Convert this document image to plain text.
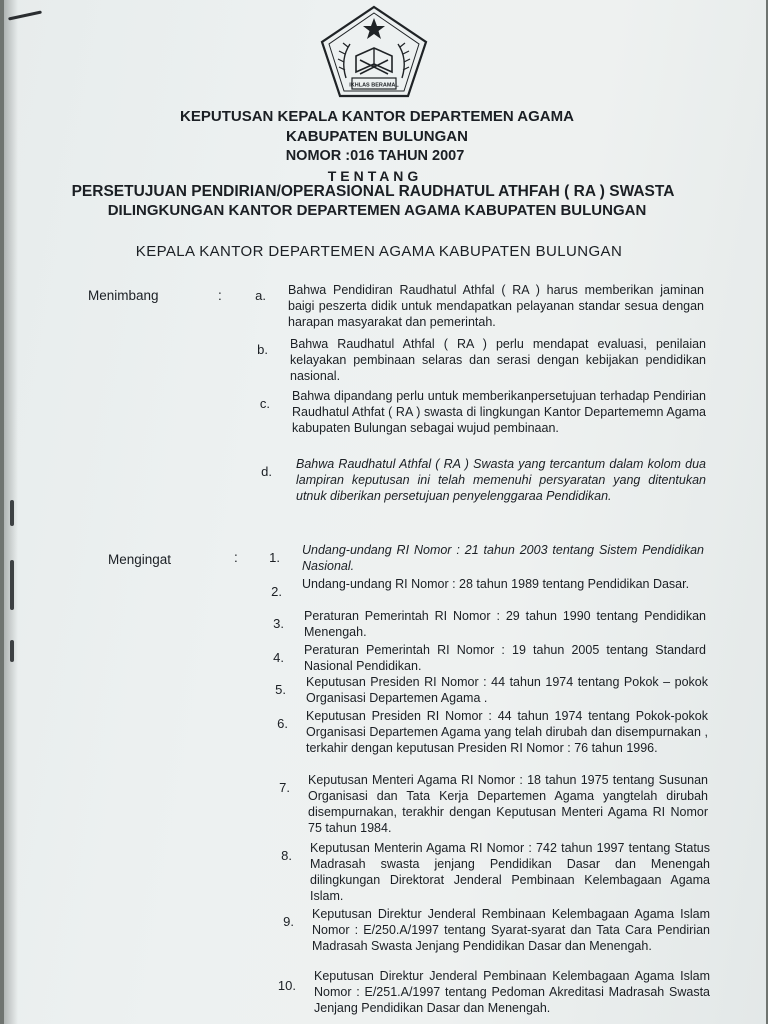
IKHLAS BERAMAL
KEPUTUSAN KEPALA KANTOR DEPARTEMEN AGAMA
KABUPATEN BULUNGAN
NOMOR :016 TAHUN 2007
TENTANG
PERSETUJUAN PENDIRIAN/OPERASIONAL RAUDHATUL ATHFAH ( RA ) SWASTA
DILINGKUNGAN KANTOR DEPARTEMEN AGAMA KABUPATEN BULUNGAN
KEPALA KANTOR DEPARTEMEN AGAMA KABUPATEN BULUNGAN
Menimbang	:	a. Bahwa Pendidiran Raudhatul Athfal ( RA ) harus memberikan jaminan baigi peszerta didik untuk mendapatkan pelayanan standar sesua dengan harapan masyarakat dan pemerintah.
b. Bahwa Raudhatul Athfal ( RA ) perlu mendapat evaluasi, penilaian kelayakan pembinaan selaras dan serasi dengan kebijakan pendidikan nasional.
c. Bahwa dipandang perlu untuk memberikanpersetujuan terhadap Pendirian Raudhatul Athfat ( RA ) swasta di lingkungan Kantor Departememn Agama kabupaten Bulungan sebagai wujud pembinaan.
d. Bahwa Raudhatul Athfal ( RA ) Swasta yang tercantum dalam kolom dua lampiran keputusan ini telah memenuhi persyaratan yang ditentukan utnuk diberikan persetujuan penyelenggaraa Pendidikan.
Mengingat	:	1. Undang-undang RI Nomor : 21 tahun 2003 tentang Sistem Pendidikan Nasional.
2. Undang-undang RI Nomor : 28 tahun 1989 tentang Pendidikan Dasar.
3. Peraturan Pemerintah RI Nomor : 29 tahun 1990 tentang Pendidikan Menengah.
4. Peraturan Pemerintah RI Nomor : 19 tahun 2005 tentang Standard Nasional Pendidikan.
5. Keputusan Presiden RI Nomor : 44 tahun 1974 tentang Pokok – pokok Organisasi Departemen Agama .
6. Keputusan Presiden RI Nomor : 44 tahun 1974 tentang Pokok-pokok Organisasi Departemen Agama yang telah dirubah dan disempurnakan , terkahir dengan keputusan Presiden RI Nomor : 76 tahun 1996.
7. Keputusan Menteri Agama RI Nomor : 18 tahun 1975 tentang Susunan Organisasi dan Tata Kerja Departemen Agama yangtelah dirubah disempurnakan, terakhir dengan Keputusan Menteri Agama RI Nomor 75 tahun 1984.
8. Keputusan Menterin Agama RI Nomor : 742 tahun 1997 tentang Status Madrasah swasta jenjang Pendidikan Dasar dan Menengah dilingkungan Direktorat Jenderal Pembinaan Kelembagaan Agama Islam.
9. Keputusan Direktur Jenderal Rembinaan Kelembagaan Agama Islam Nomor : E/250.A/1997 tentang Syarat-syarat dan Tata Cara Pendirian Madrasah Swasta Jenjang Pendidikan Dasar dan Menengah.
10.
Keputusan Direktur Jenderal Pembinaan Kelembagaan Agama Islam Nomor : E/251.A/1997 tentang Pedoman Akreditasi Madrasah Swasta Jenjang Pendidikan Dasar dan Menengah.
